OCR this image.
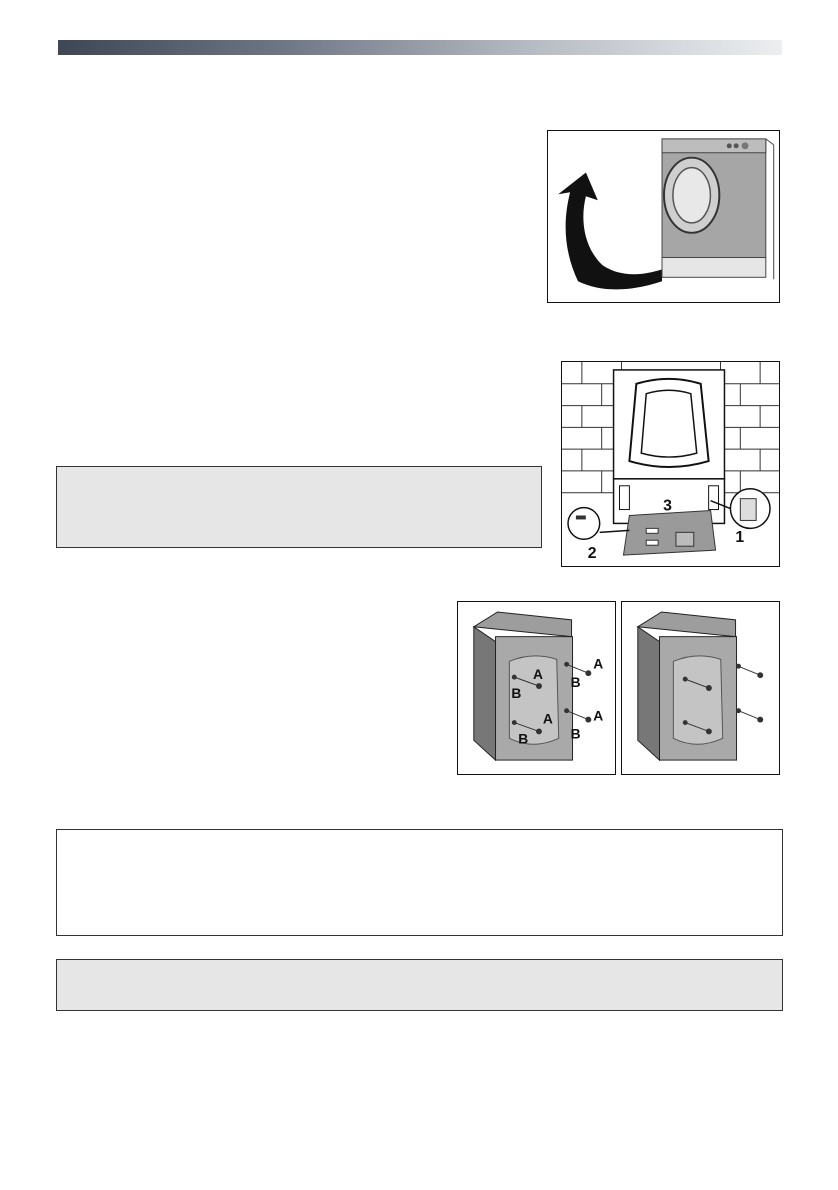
1
2
3
A
B
A
B
A
B
A
B
